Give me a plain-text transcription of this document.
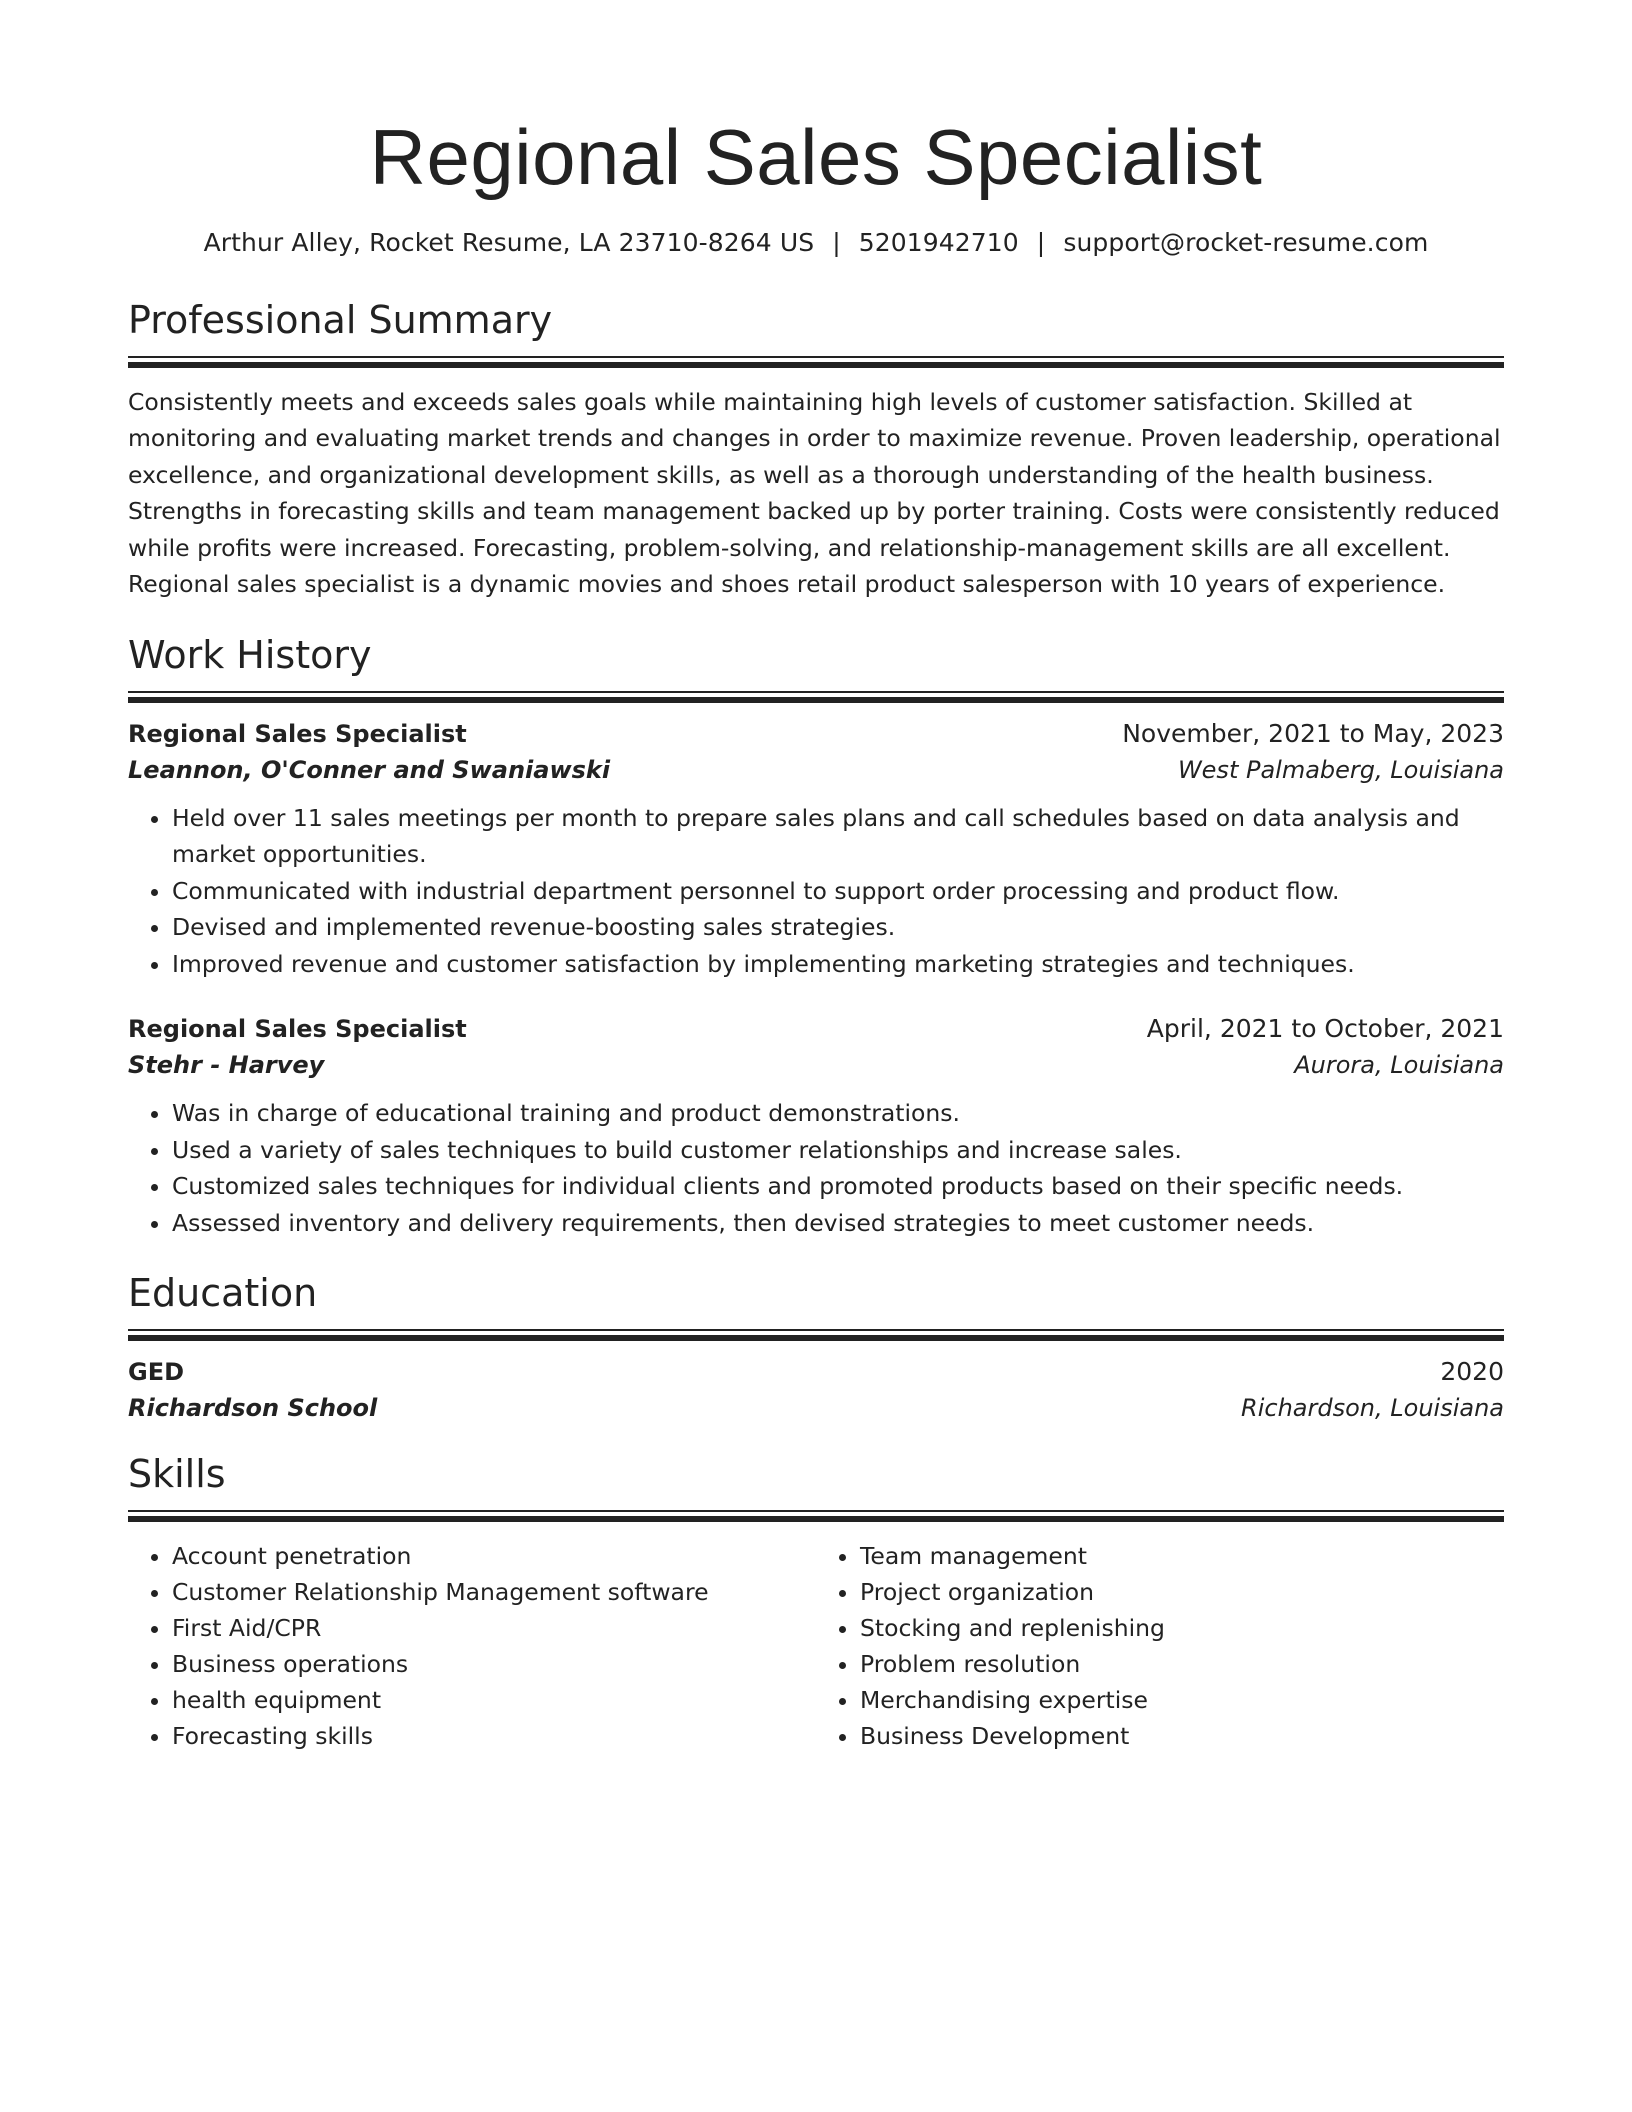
Regional Sales Specialist
Arthur Alley, Rocket Resume, LA 23710-8264 US | 5201942710 | support@rocket-resume.com
Professional Summary

Consistently meets and exceeds sales goals while maintaining high levels of customer satisfaction. Skilled at monitoring and evaluating market trends and changes in order to maximize revenue. Proven leadership, operational excellence, and organizational development skills, as well as a thorough understanding of the health business. Strengths in forecasting skills and team management backed up by porter training. Costs were consistently reduced while profits were increased. Forecasting, problem-solving, and relationship-management skills are all excellent. Regional sales specialist is a dynamic movies and shoes retail product salesperson with 10 years of experience.

Work History
Regional Sales Specialist	November, 2021 to May, 2023
Leannon, O'Conner and Swaniawski	West Palmaberg, Louisiana
• Held over 11 sales meetings per month to prepare sales plans and call schedules based on data analysis and market opportunities.
• Communicated with industrial department personnel to support order processing and product flow.
• Devised and implemented revenue-boosting sales strategies.
• Improved revenue and customer satisfaction by implementing marketing strategies and techniques.
Regional Sales Specialist	April, 2021 to October, 2021
Stehr - Harvey	Aurora, Louisiana
• Was in charge of educational training and product demonstrations.
• Used a variety of sales techniques to build customer relationships and increase sales.
• Customized sales techniques for individual clients and promoted products based on their specific needs.
• Assessed inventory and delivery requirements, then devised strategies to meet customer needs.
Education
GED	2020
Richardson School	Richardson, Louisiana
Skills
• Account penetration
• Customer Relationship Management software
• First Aid/CPR
• Business operations
• health equipment
• Forecasting skills
• Team management
• Project organization
• Stocking and replenishing
• Problem resolution
• Merchandising expertise
• Business Development
